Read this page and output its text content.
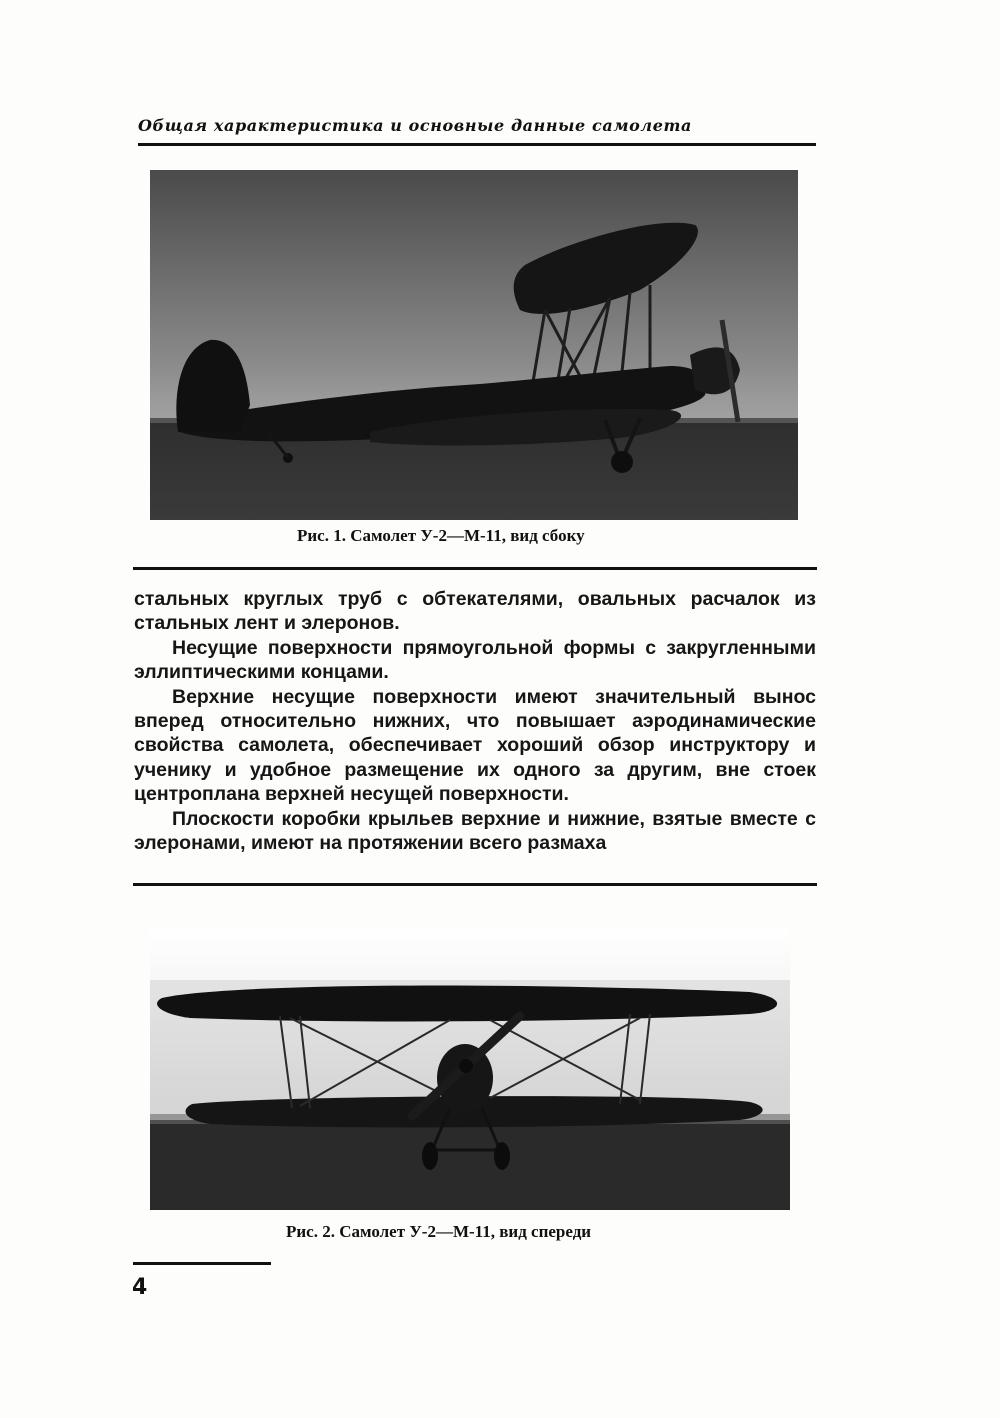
Общая характеристика и основные данные самолета
Рис. 1. Самолет У-2—М-11, вид сбоку

стальных круглых труб с обтекателями, овальных расчалок из стальных лент и элеронов.

Несущие поверхности прямоугольной формы с закругленными эллиптическими концами.

Верхние несущие поверхности имеют значительный вынос вперед относительно нижних, что повышает аэродинамические свойства самолета, обеспечивает хороший обзор инструктору и ученику и удобное размещение их одного за другим, вне стоек центроплана верхней несущей поверхности.

Плоскости коробки крыльев верхние и нижние, взятые вместе с элеронами, имеют на протяжении всего размаха

Рис. 2. Самолет У-2—М-11, вид спереди
4
